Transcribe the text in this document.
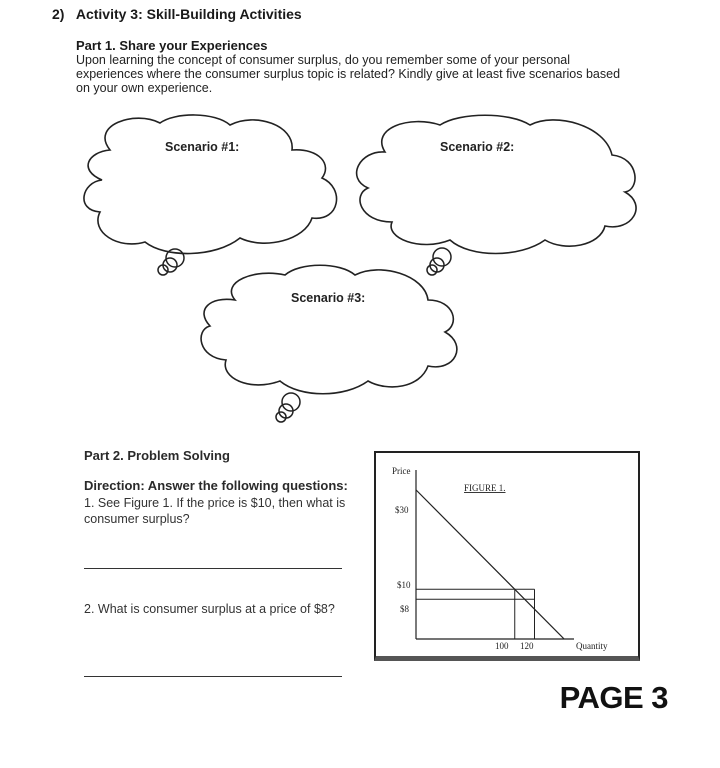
2) Activity 3: Skill-Building Activities
Part 1. Share your Experiences
Upon learning the concept of consumer surplus, do you remember some of your personal experiences where the consumer surplus topic is related? Kindly give at least five scenarios based on your own experience.
Scenario #1:	Scenario #2:
Scenario #3:
Part 2. Problem Solving
Direction: Answer the following questions:
1. See Figure 1. If the price is $10, then what is consumer surplus?
2. What is consumer surplus at a price of $8?
Price
FIGURE 1.
$30
$10
$8
100 120	Quantity
PAGE 3
